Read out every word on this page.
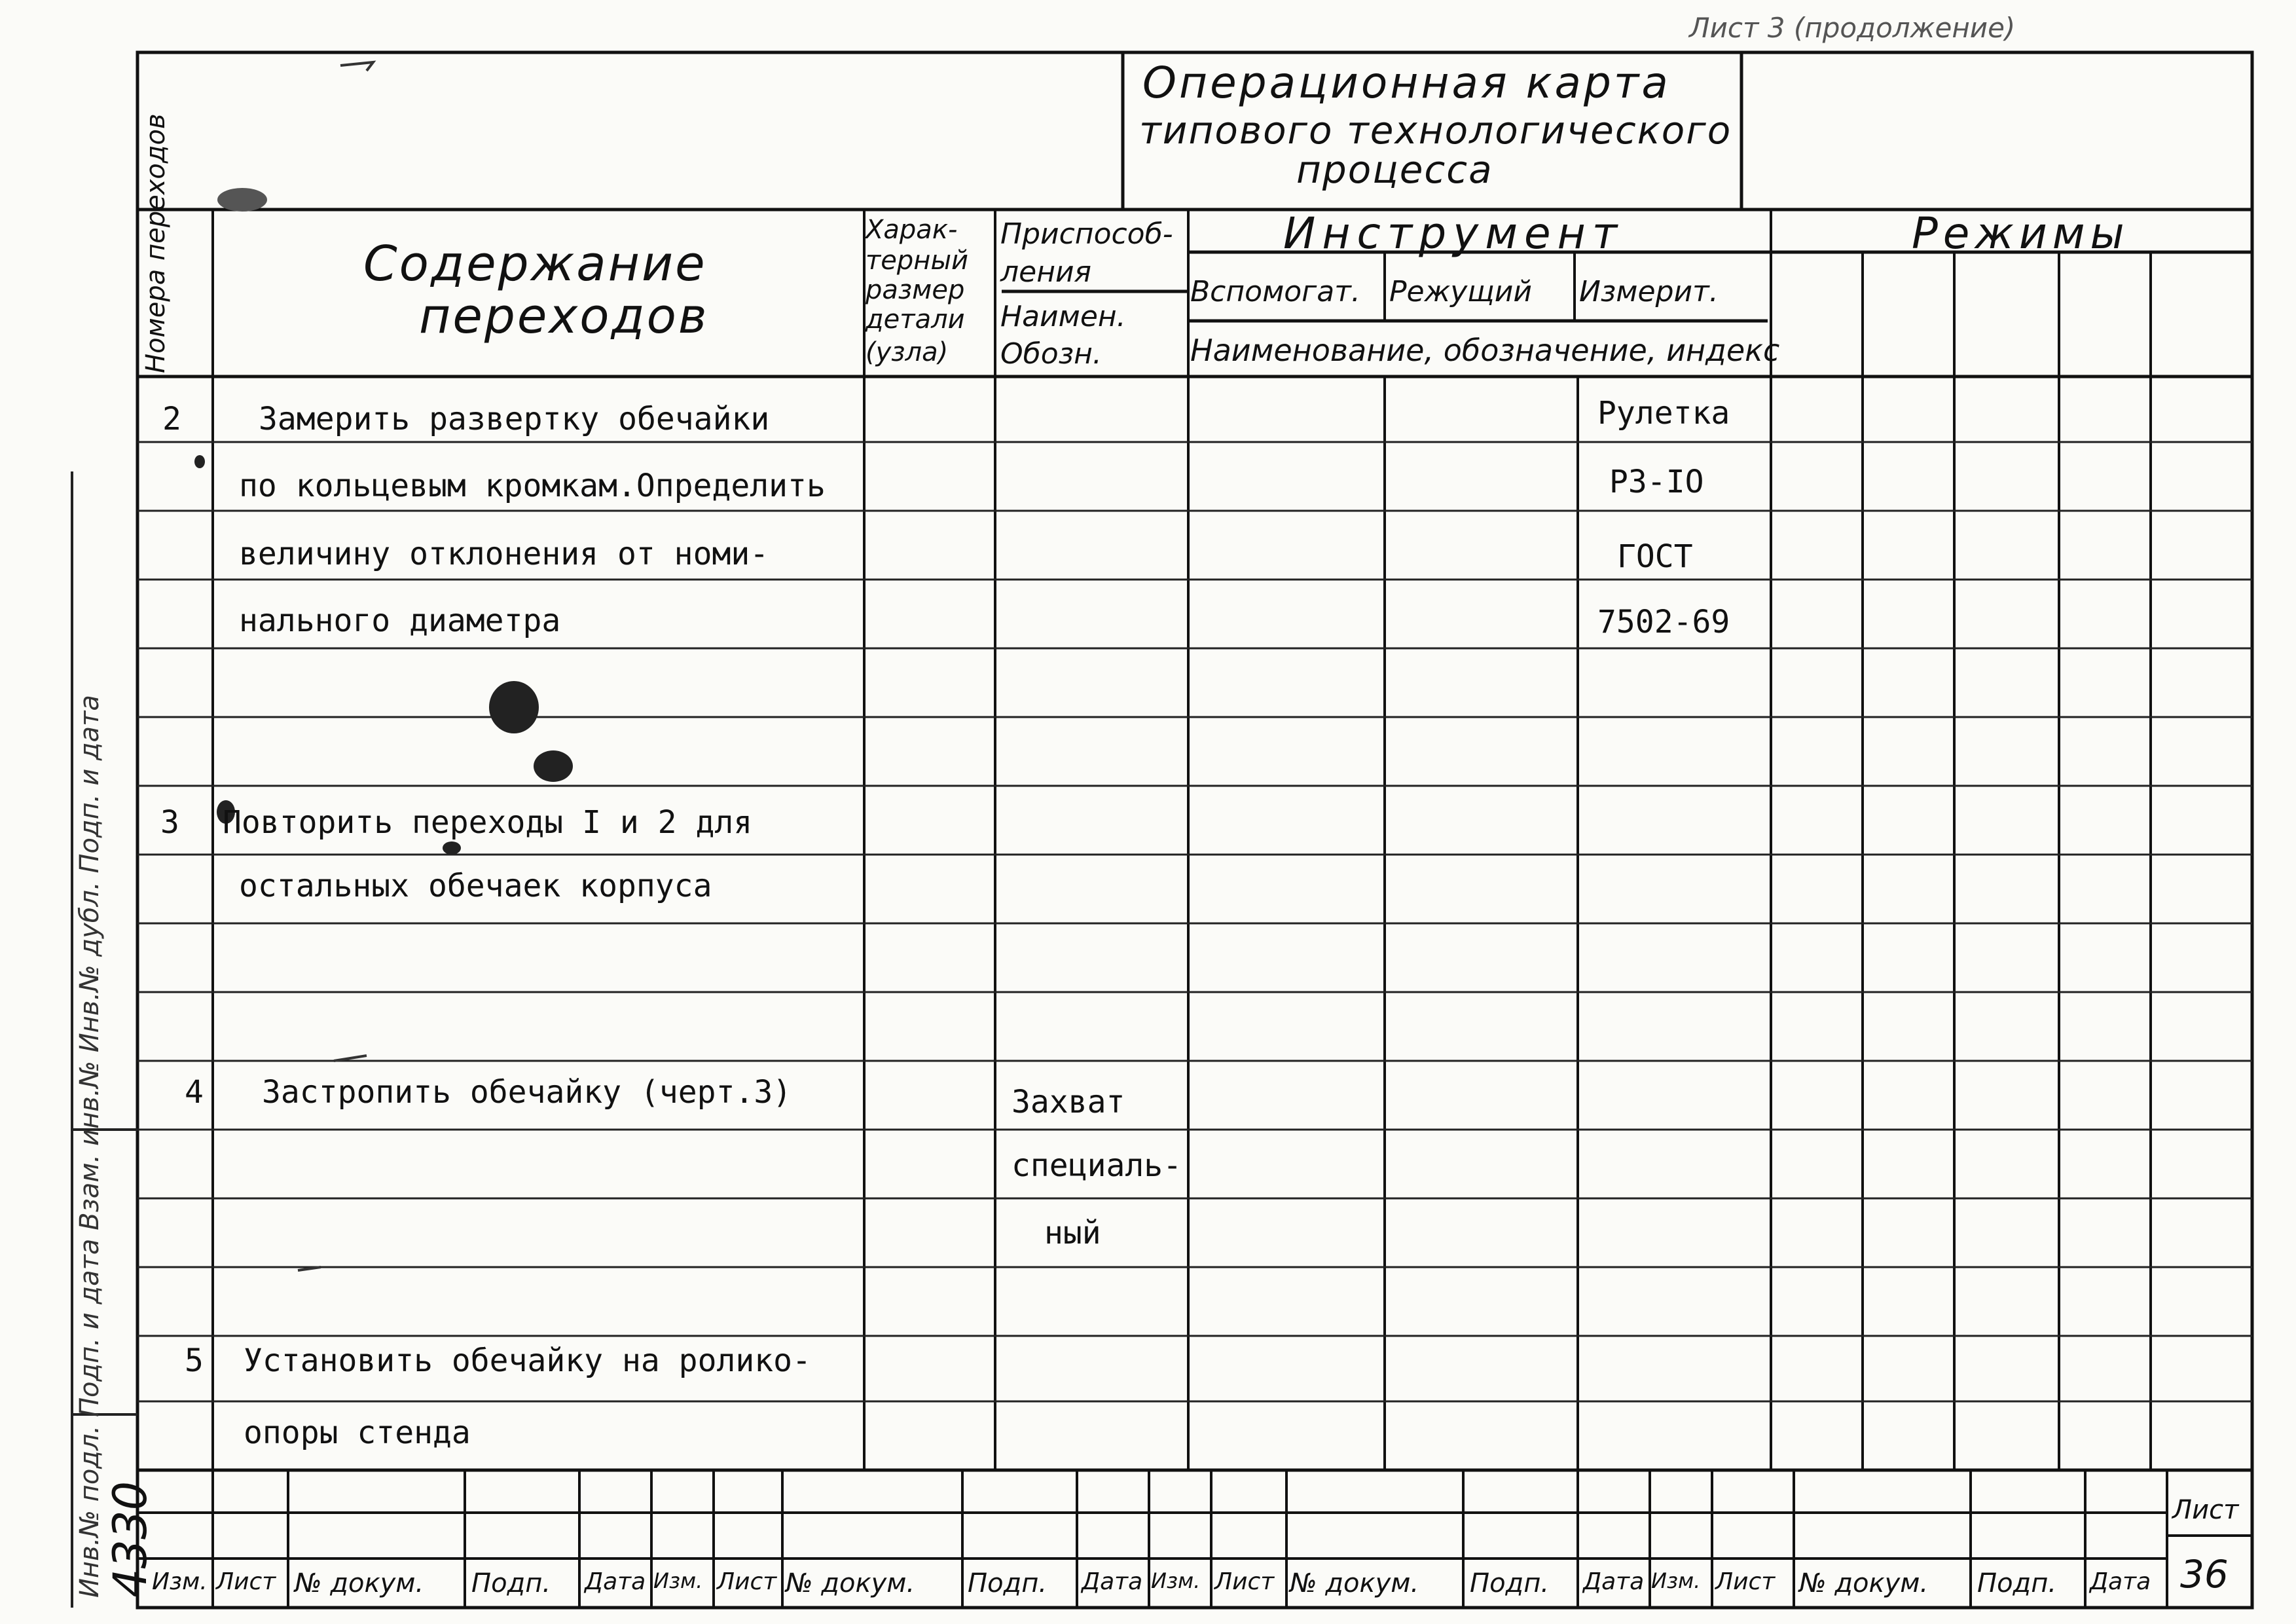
Лист 3 (продолжение)
Операционная карта
типового технологического
процесса
Номера переходов	Содержание
переходов
Харак-
терный
размер
детали
(узла)
Приспособ-
ления
Наимен.
Обозн.
Инструмент
Вспомогат. Режущий Измерит.
Наименование, обозначение, индекс
Режимы
2
3
4
5
Замерить развертку обечайки
по кольцевым кромкам.Определить
величину отклонения от номи-
нального диаметра
Повторить переходы I и 2 для
остальных обечаек корпуса
Застропить обечайку (черт.3)
Установить обечайку на ролико-
опоры стенда
Рулетка
Р3-IO
ГОСТ
7502-69
Захват
специаль-
ный
Изм. Лист № докум. Подп. Дата Изм. Лист № докум. Подп. Дата Изм. Лист № докум. Подп. Дата Изм. Лист № докум. Подп. Дата
Лист
36
Инв.№ подл. Подп. и дата Взам. инв.№ Инв.№ дубл. Подп. и дата
4330
